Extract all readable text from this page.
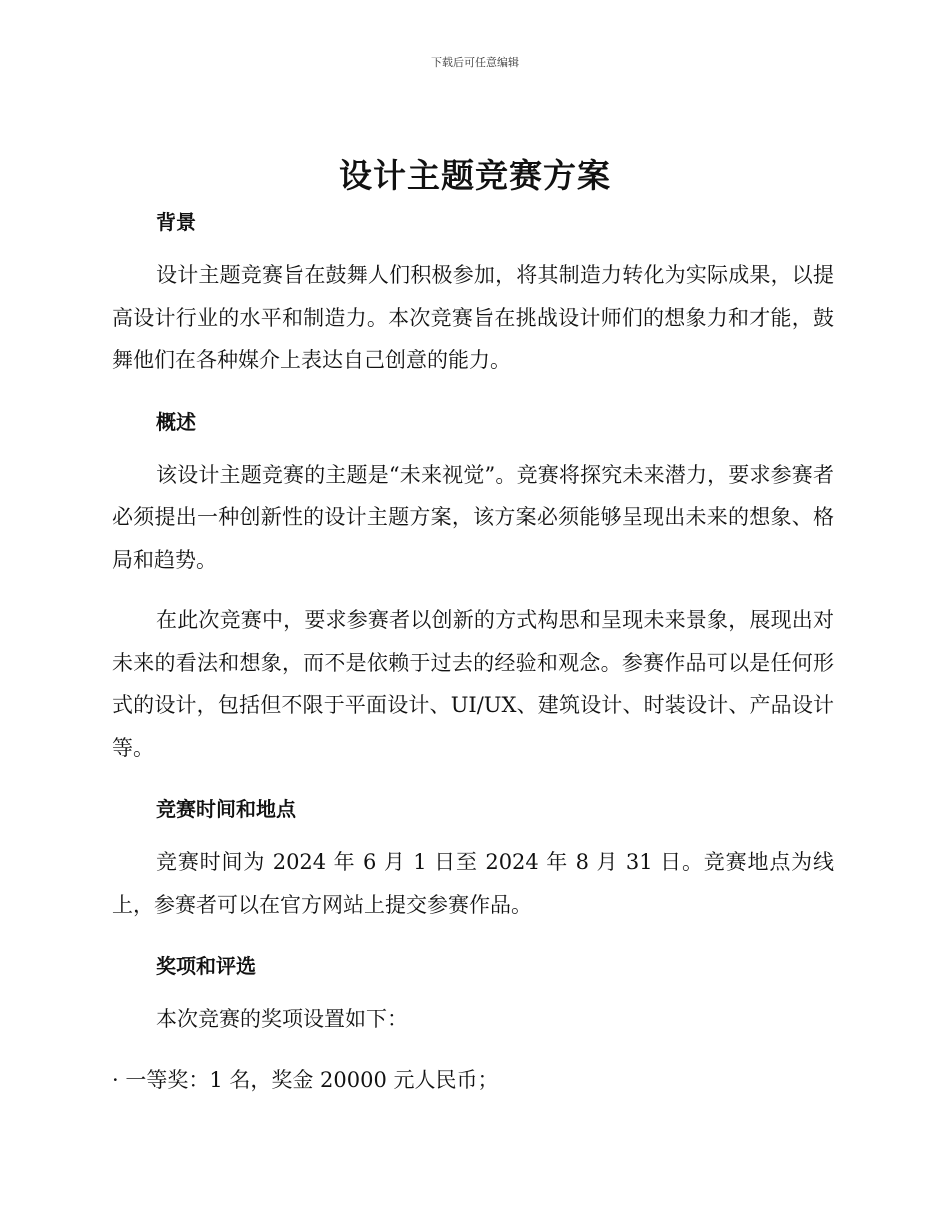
下载后可任意编辑
设计主题竞赛方案
背景

设计主题竞赛旨在鼓舞人们积极参加，将其制造力转化为实际成果，以提高设计行业的水平和制造力。本次竞赛旨在挑战设计师们的想象力和才能，鼓舞他们在各种媒介上表达自己创意的能力。

概述

该设计主题竞赛的主题是“未来视觉”。竞赛将探究未来潜力，要求参赛者必须提出一种创新性的设计主题方案，该方案必须能够呈现出未来的想象、格局和趋势。

在此次竞赛中，要求参赛者以创新的方式构思和呈现未来景象，展现出对未来的看法和想象，而不是依赖于过去的经验和观念。参赛作品可以是任何形式的设计，包括但不限于平面设计、UI/UX、建筑设计、时装设计、产品设计等。

竞赛时间和地点

竞赛时间为 2024 年 6 月 1 日至 2024 年 8 月 31 日。竞赛地点为线上，参赛者可以在官方网站上提交参赛作品。

奖项和评选

本次竞赛的奖项设置如下：

· 一等奖：1 名，奖金 20000 元人民币；
